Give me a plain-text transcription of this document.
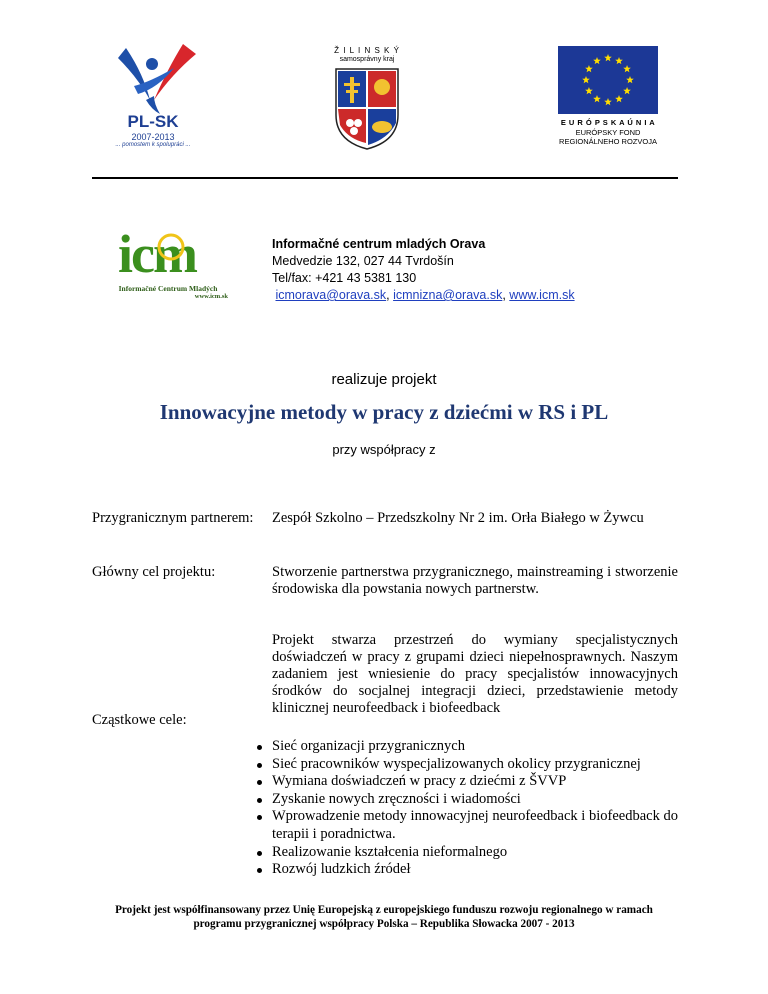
PL-SK
2007-2013
... pomostem k spolupráci ...
Ž I L I N S K Ý
samosprávny kraj
E U R Ó P S K A Ú N I A
EURÓPSKY FOND
REGIONÁLNEHO ROZVOJA
icm
Informačné Centrum Mladých
www.icm.sk
Informačné centrum mladých Orava
Medvedzie 132, 027 44 Tvrdošín
Tel/fax: +421 43 5381 130
icmorava@orava.sk, icmnizna@orava.sk, www.icm.sk
realizuje projekt
Innowacyjne metody w pracy z dziećmi w RS i PL
przy współpracy z
Przygranicznym partnerem: Zespół Szkolno – Przedszkolny Nr 2 im. Orła Białego w Żywcu
Główny cel projektu:	Stworzenie partnerstwa przygranicznego, mainstreaming i stworzenie środowiska dla powstania nowych partnerstw.
Projekt stwarza przestrzeń do wymiany specjalistycznych doświadczeń w pracy z grupami dzieci niepełnosprawnych. Naszym zadaniem jest wniesienie do pracy specjalistów innowacyjnych środków do socjalnej integracji dzieci, przedstawienie metody klinicznej neurofeedback i biofeedback
Cząstkowe cele:
Sieć organizacji przygranicznych
Sieć pracowników wyspecjalizowanych okolicy przygranicznej
Wymiana doświadczeń w pracy z dziećmi z ŠVVP
Zyskanie nowych zręczności i wiadomości
Wprowadzenie metody innowacyjnej neurofeedback i biofeedback do terapii i poradnictwa.
Realizowanie kształcenia nieformalnego
Rozwój ludzkich źródeł
Projekt jest współfinansowany przez Unię Europejską z europejskiego funduszu rozwoju regionalnego w ramach
programu przygranicznej współpracy Polska – Republika Słowacka 2007 - 2013
